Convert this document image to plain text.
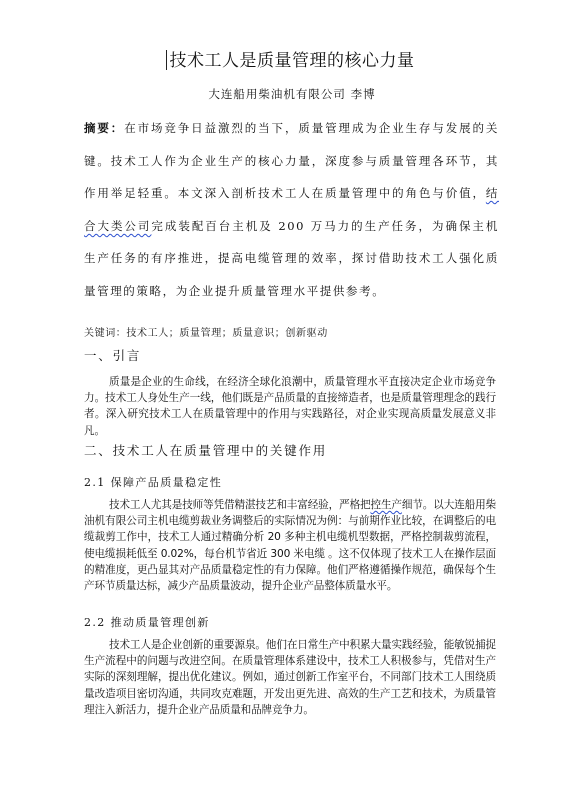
技术工人是质量管理的核心力量
大连船用柴油机有限公司 李博

摘要：在市场竞争日益激烈的当下，质量管理成为企业生存与发展的关键。技术工人作为企业生产的核心力量，深度参与质量管理各环节，其作用举足轻重。本文深入剖析技术工人在质量管理中的角色与价值，结合大类公司完成装配百台主机及 200 万马力的生产任务，为确保主机生产任务的有序推进，提高电缆管理的效率，探讨借助技术工人强化质量管理的策略，为企业提升质量管理水平提供参考。

关键词：技术工人；质量管理；质量意识；创新驱动
一、引言

质量是企业的生命线，在经济全球化浪潮中，质量管理水平直接决定企业市场竞争力。技术工人身处生产一线，他们既是产品质量的直接缔造者，也是质量管理理念的践行者。深入研究技术工人在质量管理中的作用与实践路径，对企业实现高质量发展意义非凡。

二、技术工人在质量管理中的关键作用
2.1 保障产品质量稳定性

技术工人尤其是技师等凭借精湛技艺和丰富经验，严格把控生产细节。以大连船用柴油机有限公司主机电缆剪裁业务调整后的实际情况为例：与前期作业比较，在调整后的电缆裁剪工作中，技术工人通过精确分析 20 多种主机电缆机型数据，严格控制裁剪流程，使电缆损耗低至 0.02%，每台机节省近 300 米电缆 。这不仅体现了技术工人在操作层面的精准度，更凸显其对产品质量稳定性的有力保障。他们严格遵循操作规范，确保每个生产环节质量达标，减少产品质量波动，提升企业产品整体质量水平。

2.2 推动质量管理创新

技术工人是企业创新的重要源泉。他们在日常生产中积累大量实践经验，能敏锐捕捉生产流程中的问题与改进空间。在质量管理体系建设中，技术工人积极参与，凭借对生产实际的深刻理解，提出优化建议。例如，通过创新工作室平台，不同部门技术工人围绕质量改造项目密切沟通，共同攻克难题，开发出更先进、高效的生产工艺和技术，为质量管理注入新活力，提升企业产品质量和品牌竞争力。
